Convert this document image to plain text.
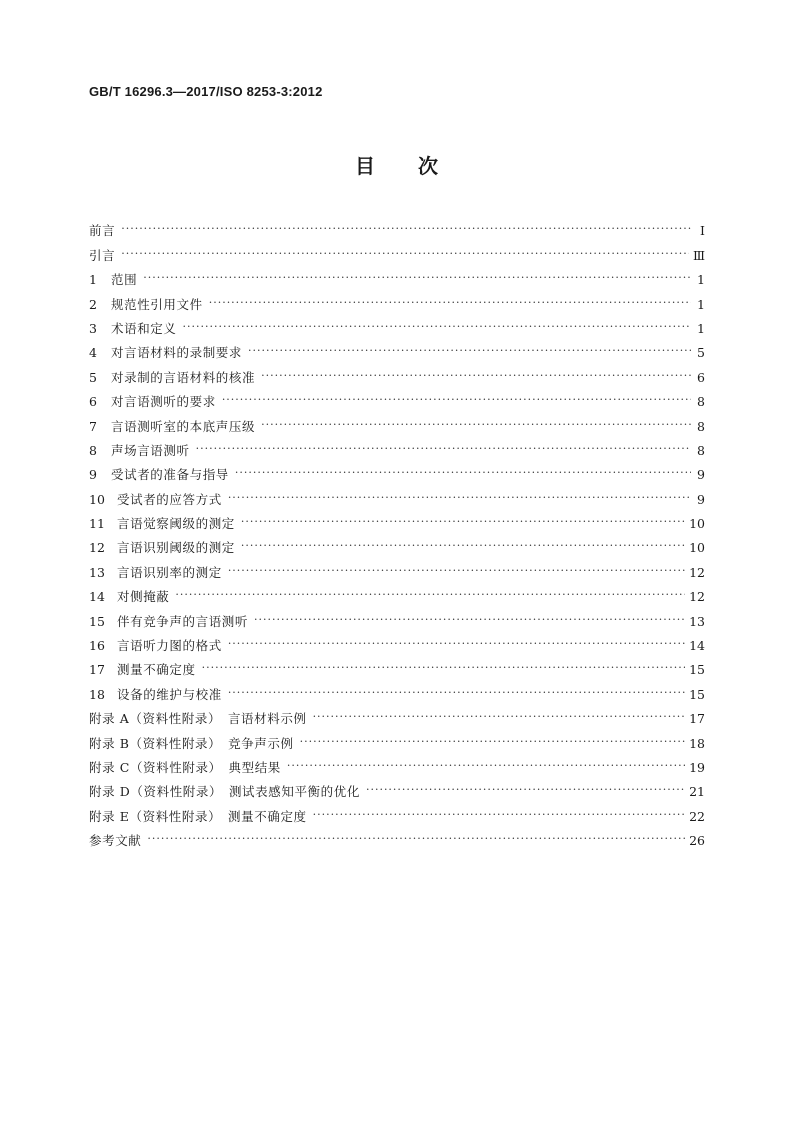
GB/T 16296.3—2017/ISO 8253-3:2012
目　　次
前言 ·····	Ⅰ
引言 ·····	Ⅲ
1	范围 ·····	1
2	规范性引用文件 ·····	1
3	术语和定义 ·····	1
4	对言语材料的录制要求 ·····	5
5	对录制的言语材料的核准 ·····	6
6	对言语测听的要求 ·····	8
7	言语测听室的本底声压级 ·····	8
8	声场言语测听 ·····	8
9	受试者的准备与指导 ·····	9
10 受试者的应答方式 ·····	9
11 言语觉察阈级的测定 ·····	10
12 言语识别阈级的测定 ·····	10
13 言语识别率的测定 ·····	12
14 对侧掩蔽 ·····	12
15 伴有竞争声的言语测听 ·····	13
16 言语听力图的格式 ·····	14
17 测量不确定度 ·····	15
18 设备的维护与校准 ·····	15
附录 A（资料性附录）　言语材料示例 ·····	17
附录 B（资料性附录）　竞争声示例 ·····	18
附录 C（资料性附录）　典型结果 ·····	19
附录 D（资料性附录）　测试表感知平衡的优化 ·····	21
附录 E（资料性附录）　测量不确定度 ·····	22
参考文献 ·····	26
